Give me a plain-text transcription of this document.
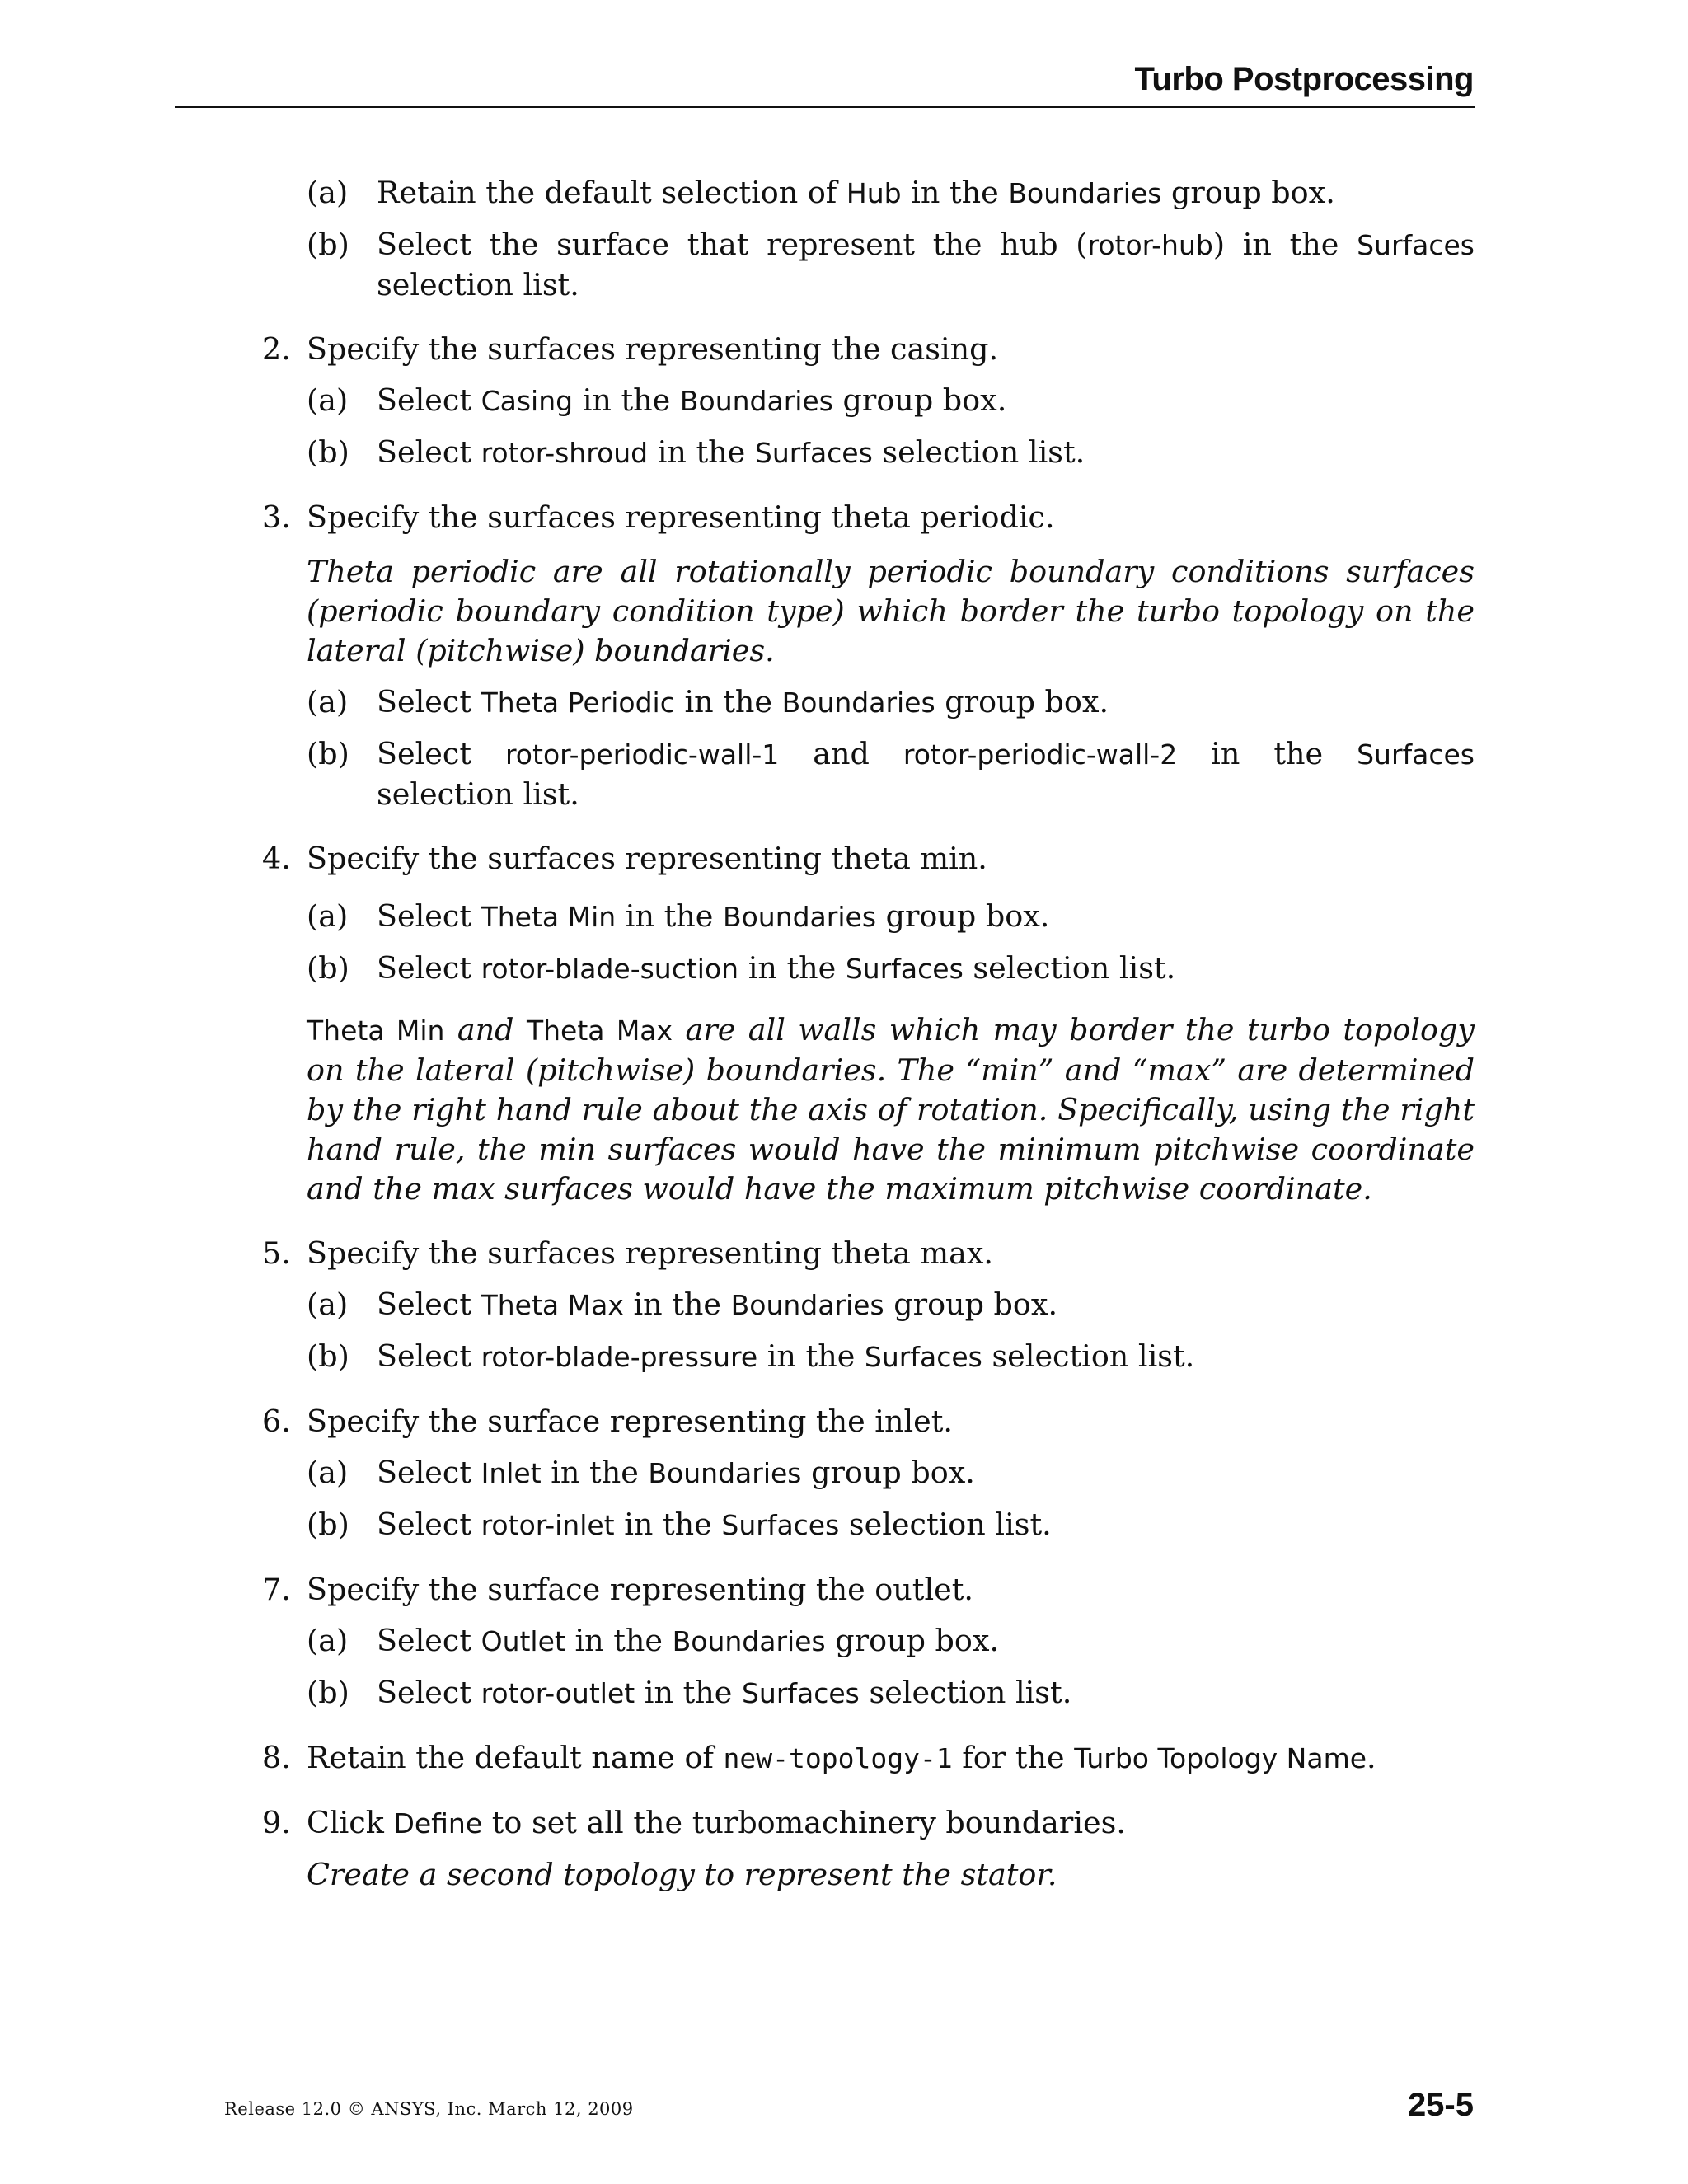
Turbo Postprocessing
(a) Retain the default selection of Hub in the Boundaries group box.
(b) Select the surface that represent the hub (rotor-hub) in the Surfaces selection list.
2. Specify the surfaces representing the casing.
(a) Select Casing in the Boundaries group box.
(b) Select rotor-shroud in the Surfaces selection list.
3. Specify the surfaces representing theta periodic.
Theta periodic are all rotationally periodic boundary conditions surfaces (periodic boundary condition type) which border the turbo topology on the lateral (pitchwise) boundaries.
(a) Select Theta Periodic in the Boundaries group box.
(b) Select rotor-periodic-wall-1 and rotor-periodic-wall-2 in the Surfaces selection list.
4. Specify the surfaces representing theta min.
(a) Select Theta Min in the Boundaries group box.
(b) Select rotor-blade-suction in the Surfaces selection list.
Theta Min and Theta Max are all walls which may border the turbo topology on the lateral (pitchwise) boundaries. The “min” and “max” are determined by the right hand rule about the axis of rotation. Specifically, using the right hand rule, the min surfaces would have the minimum pitchwise coordinate and the max surfaces would have the maximum pitchwise coordinate.
5. Specify the surfaces representing theta max.
(a) Select Theta Max in the Boundaries group box.
(b) Select rotor-blade-pressure in the Surfaces selection list.
6. Specify the surface representing the inlet.
(a) Select Inlet in the Boundaries group box.
(b) Select rotor-inlet in the Surfaces selection list.
7. Specify the surface representing the outlet.
(a) Select Outlet in the Boundaries group box.
(b) Select rotor-outlet in the Surfaces selection list.
8. Retain the default name of new-topology-1 for the Turbo Topology Name.
9. Click Define to set all the turbomachinery boundaries.
Create a second topology to represent the stator.
Release 12.0 © ANSYS, Inc. March 12, 2009	25-5
